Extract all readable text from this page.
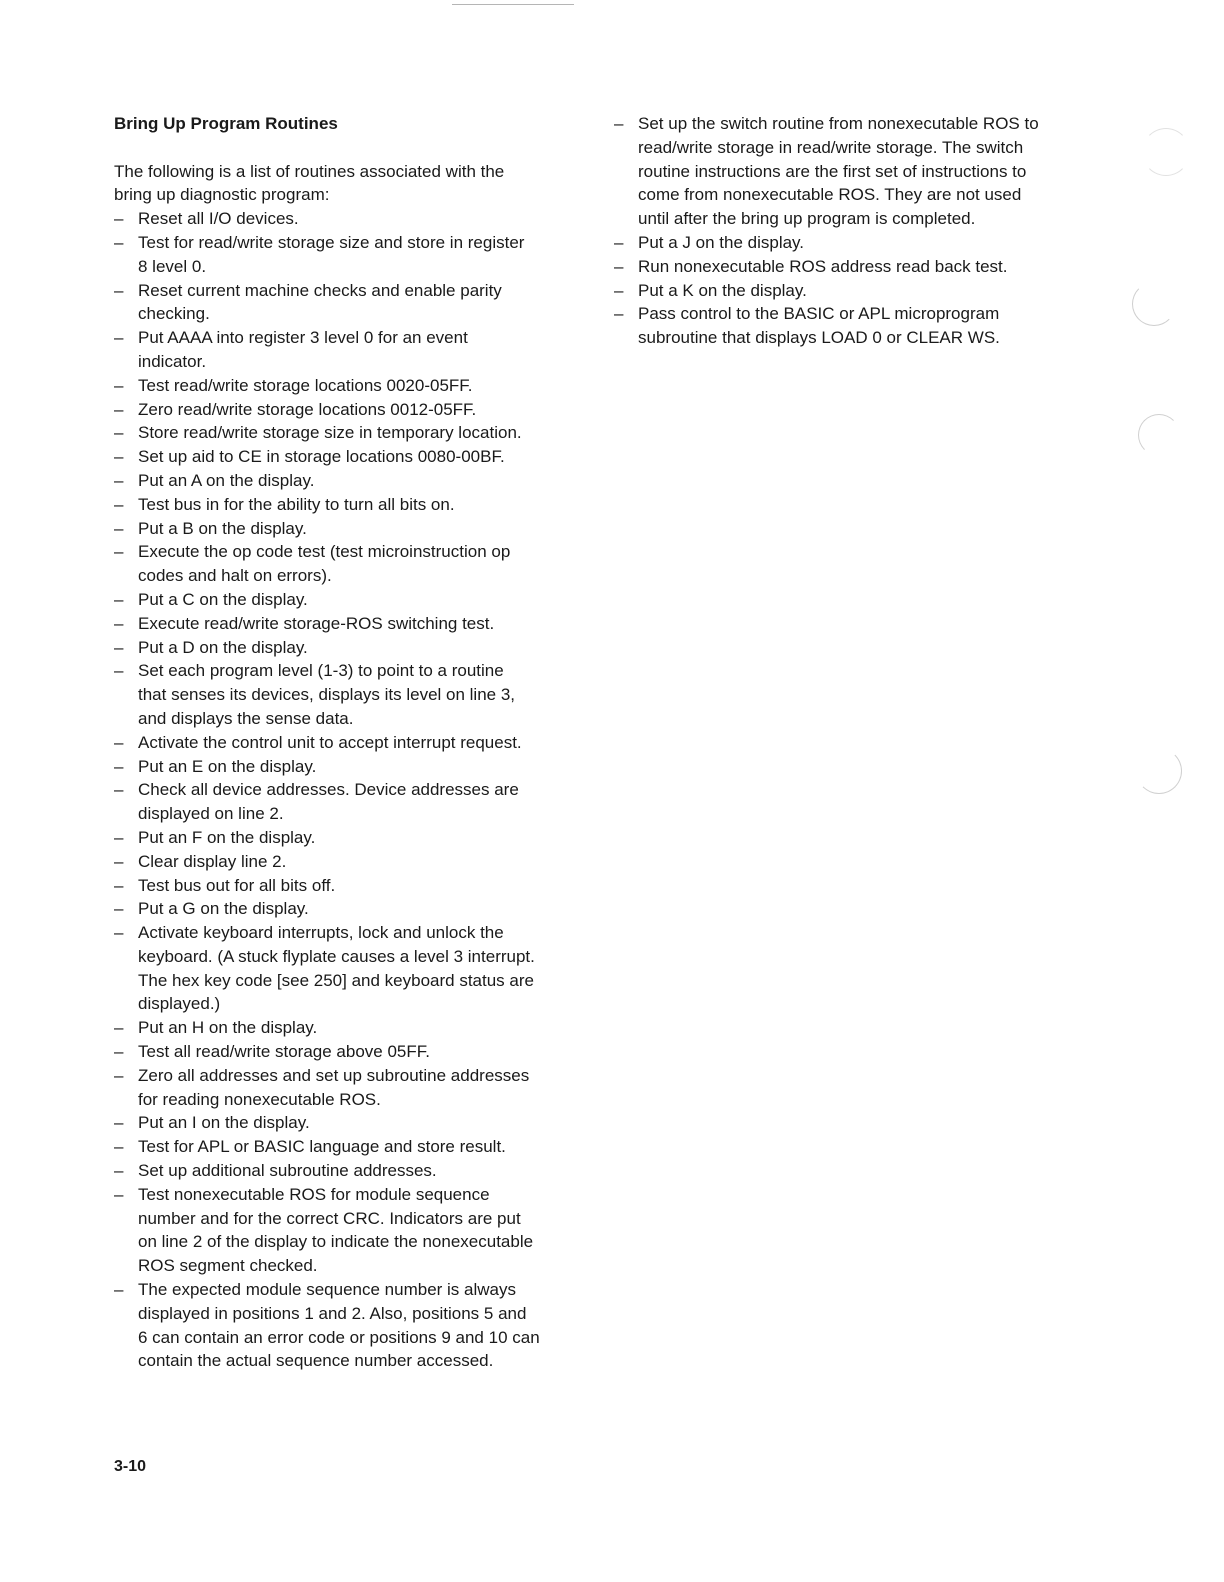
Bring Up Program Routines

The following is a list of routines associated with the
bring up diagnostic program:

– Reset all I/O devices.
– Test for read/write storage size and store in register
8 level 0.
– Reset current machine checks and enable parity
checking.
– Put AAAA into register 3 level 0 for an event
indicator.
– Test read/write storage locations 0020-05FF.
– Zero read/write storage locations 0012-05FF.
– Store read/write storage size in temporary location.
– Set up aid to CE in storage locations 0080-00BF.
– Put an A on the display.
– Test bus in for the ability to turn all bits on.
– Put a B on the display.
– Execute the op code test (test microinstruction op
codes and halt on errors).
– Put a C on the display.
– Execute read/write storage-ROS switching test.
– Put a D on the display.
– Set each program level (1-3) to point to a routine
that senses its devices, displays its level on line 3,
and displays the sense data.
– Activate the control unit to accept interrupt request.
– Put an E on the display.
– Check all device addresses. Device addresses are
displayed on line 2.
– Put an F on the display.
– Clear display line 2.
– Test bus out for all bits off.
– Put a G on the display.
– Activate keyboard interrupts, lock and unlock the
keyboard. (A stuck flyplate causes a level 3 interrupt.
The hex key code [see 250] and keyboard status are
displayed.)
– Put an H on the display.
– Test all read/write storage above 05FF.
– Zero all addresses and set up subroutine addresses
for reading nonexecutable ROS.
– Put an I on the display.
– Test for APL or BASIC language and store result.
– Set up additional subroutine addresses.
– Test nonexecutable ROS for module sequence
number and for the correct CRC. Indicators are put
on line 2 of the display to indicate the nonexecutable
ROS segment checked.
– The expected module sequence number is always
displayed in positions 1 and 2. Also, positions 5 and
6 can contain an error code or positions 9 and 10 can
contain the actual sequence number accessed.
– Set up the switch routine from nonexecutable ROS to
read/write storage in read/write storage. The switch
routine instructions are the first set of instructions to
come from nonexecutable ROS. They are not used
until after the bring up program is completed.
– Put a J on the display.
– Run nonexecutable ROS address read back test.
– Put a K on the display.
– Pass control to the BASIC or APL microprogram
subroutine that displays LOAD 0 or CLEAR WS.
3-10
